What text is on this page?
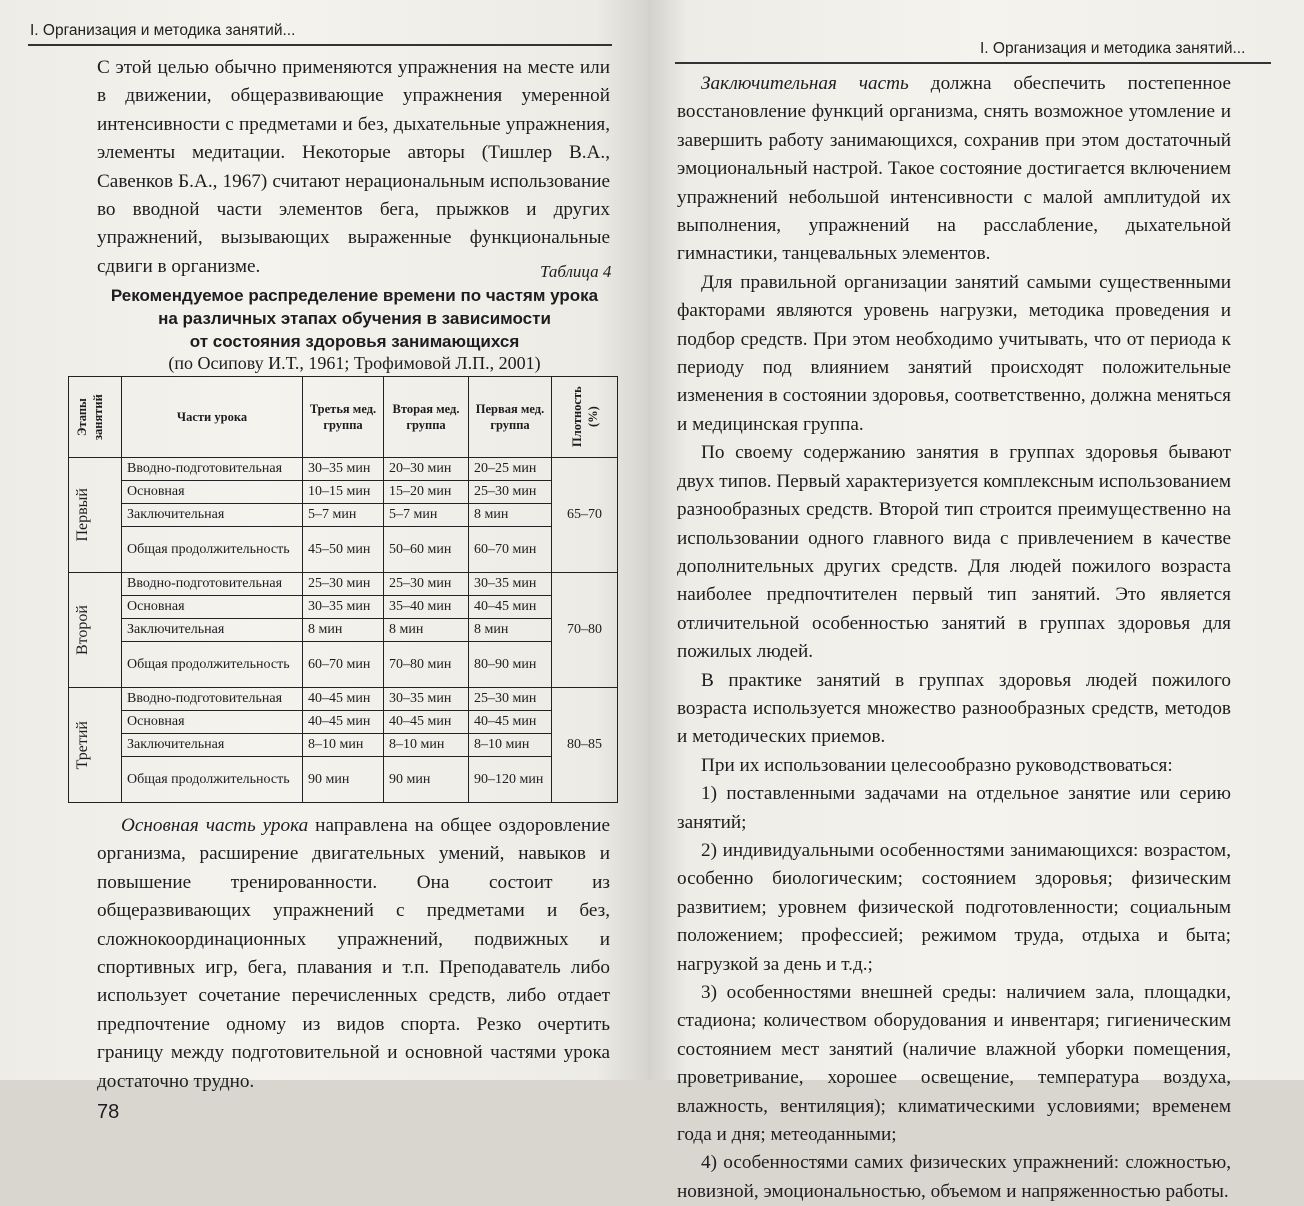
I. Организация и методика занятий...

С этой целью обычно применяются упражнения на месте или в движении, общеразвивающие упражнения умеренной интенсивности с предметами и без, дыхательные упражнения, элементы медитации. Некоторые авторы (Тишлер В.А., Савенков Б.А., 1967) считают нерациональным использование во вводной части элементов бега, прыжков и других упражнений, вызывающих выраженные функциональные сдвиги в организме.	Таблица 4
Рекомендуемое распределение времени по частям урока
на различных этапах обучения в зависимости
от состояния здоровья занимающихся
(по Осипову И.Т., 1961; Трофимовой Л.П., 2001)
Этапы занятий	Части урока	Третья мед. группа	Вторая мед. группа	Первая мед. группа	Плотность (%)

Первый	Вводно-подготовительная	30–35 мин	20–30 мин	20–25 мин	65–70
	Основная	10–15 мин	15–20 мин	25–30 мин	
	Заключительная	5–7 мин	5–7 мин	8 мин	
	Общая продолжительность	45–50 мин	50–60 мин	60–70 мин	

Второй	Вводно-подготовительная	25–30 мин	25–30 мин	30–35 мин	70–80
	Основная	30–35 мин	35–40 мин	40–45 мин	
	Заключительная	8 мин	8 мин	8 мин	
	Общая продолжительность	60–70 мин	70–80 мин	80–90 мин	

Третий	Вводно-подготовительная	40–45 мин	30–35 мин	25–30 мин	80–85
	Основная	40–45 мин	40–45 мин	40–45 мин	
	Заключительная	8–10 мин	8–10 мин	8–10 мин	
	Общая продолжительность	90 мин	90 мин	90–120 мин	

Основная часть урока направлена на общее оздоровление организма, расширение двигательных умений, навыков и повышение тренированности. Она состоит из общеразвивающих упражнений с предметами и без, сложнокоординационных упражнений, подвижных и спортивных игр, бега, плавания и т.п. Преподаватель либо использует сочетание перечисленных средств, либо отдает предпочтение одному из видов спорта. Резко очертить границу между подготовительной и основной частями урока достаточно трудно.

78
I. Организация и методика занятий...

Заключительная часть должна обеспечить постепенное восстановление функций организма, снять возможное утомление и завершить работу занимающихся, сохранив при этом достаточный эмоциональный настрой. Такое состояние достигается включением упражнений небольшой интенсивности с малой амплитудой их выполнения, упражнений на расслабление, дыхательной гимнастики, танцевальных элементов.

Для правильной организации занятий самыми существенными факторами являются уровень нагрузки, методика проведения и подбор средств. При этом необходимо учитывать, что от периода к периоду под влиянием занятий происходят положительные изменения в состоянии здоровья, соответственно, должна меняться и медицинская группа.

По своему содержанию занятия в группах здоровья бывают двух типов. Первый характеризуется комплексным использованием разнообразных средств. Второй тип строится преимущественно на использовании одного главного вида с привлечением в качестве дополнительных других средств. Для людей пожилого возраста наиболее предпочтителен первый тип занятий. Это является отличительной особенностью занятий в группах здоровья для пожилых людей.

В практике занятий в группах здоровья людей пожилого возраста используется множество разнообразных средств, методов и методических приемов.

При их использовании целесообразно руководствоваться:

1) поставленными задачами на отдельное занятие или серию занятий;

2) индивидуальными особенностями занимающихся: возрастом, особенно биологическим; состоянием здоровья; физическим развитием; уровнем физической подготовленности; социальным положением; профессией; режимом труда, отдыха и быта; нагрузкой за день и т.д.;

3) особенностями внешней среды: наличием зала, площадки, стадиона; количеством оборудования и инвентаря; гигиеническим состоянием мест занятий (наличие влажной уборки помещения, проветривание, хорошее освещение, температура воздуха, влажность, вентиляция); климатическими условиями; временем года и дня; метеоданными;

4) особенностями самих физических упражнений: сложностью, новизной, эмоциональностью, объемом и напряженностью работы.
